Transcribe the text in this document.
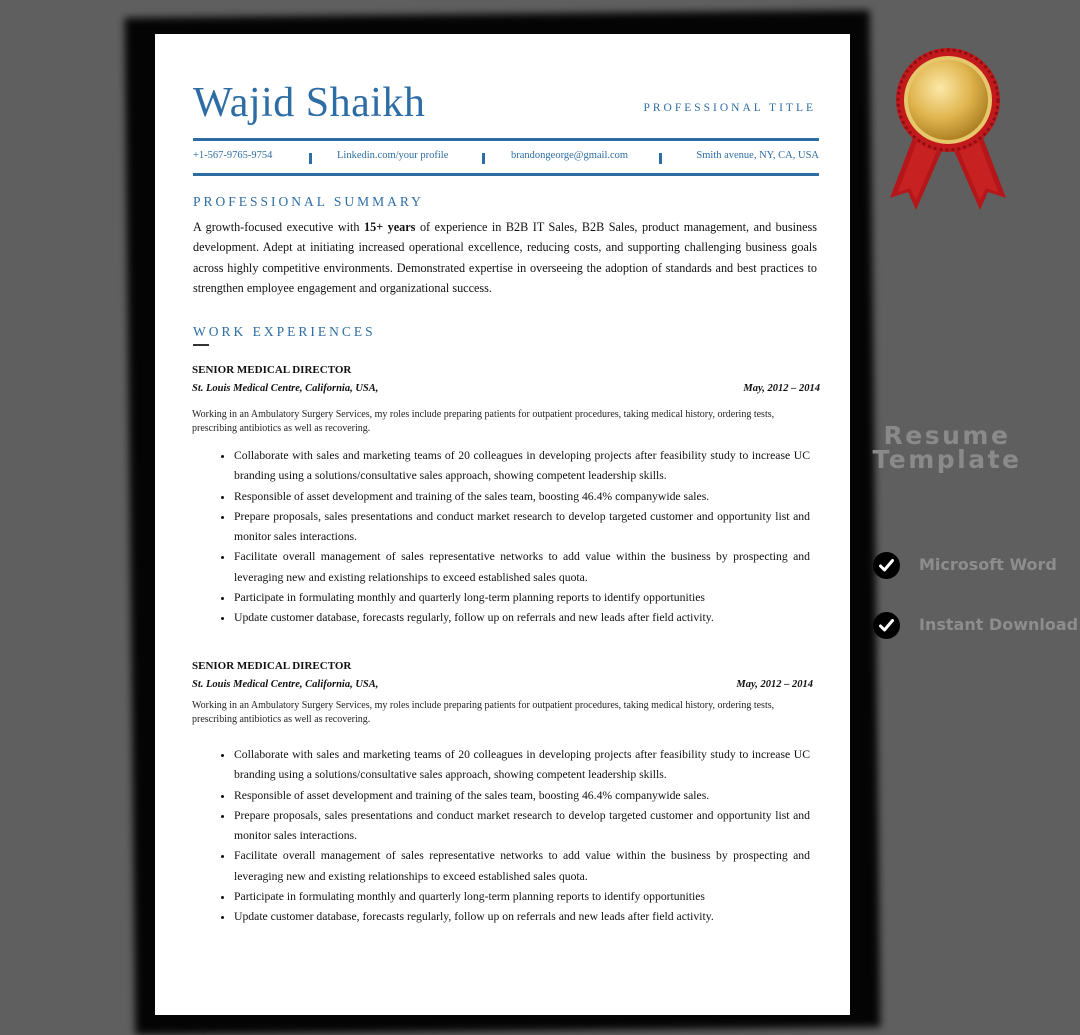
Wajid Shaikh	PROFESSIONAL TITLE
+1-567-9765-9754	Linkedin.com/your profile	brandongeorge@gmail.com	Smith avenue, NY, CA, USA
PROFESSIONAL SUMMARY
A growth-focused executive with 15+ years of experience in B2B IT Sales, B2B Sales, product management, and business development. Adept at initiating increased operational excellence, reducing costs, and supporting challenging business goals across highly competitive environments. Demonstrated expertise in overseeing the adoption of standards and best practices to strengthen employee engagement and organizational success.
WORK EXPERIENCES
SENIOR MEDICAL DIRECTOR
St. Louis Medical Centre, California, USA,	May, 2012 – 2014
Working in an Ambulatory Surgery Services, my roles include preparing patients for outpatient procedures, taking medical history, ordering tests, prescribing antibiotics as well as recovering.
• Collaborate with sales and marketing teams of 20 colleagues in developing projects after feasibility study to increase UC branding using a solutions/consultative sales approach, showing competent leadership skills.
• Responsible of asset development and training of the sales team, boosting 46.4% companywide sales.
• Prepare proposals, sales presentations and conduct market research to develop targeted customer and opportunity list and monitor sales interactions.
• Facilitate overall management of sales representative networks to add value within the business by prospecting and leveraging new and existing relationships to exceed established sales quota.
• Participate in formulating monthly and quarterly long-term planning reports to identify opportunities
• Update customer database, forecasts regularly, follow up on referrals and new leads after field activity.
SENIOR MEDICAL DIRECTOR
St. Louis Medical Centre, California, USA,	May, 2012 – 2014
Working in an Ambulatory Surgery Services, my roles include preparing patients for outpatient procedures, taking medical history, ordering tests, prescribing antibiotics as well as recovering.
• Collaborate with sales and marketing teams of 20 colleagues in developing projects after feasibility study to increase UC branding using a solutions/consultative sales approach, showing competent leadership skills.
• Responsible of asset development and training of the sales team, boosting 46.4% companywide sales.
• Prepare proposals, sales presentations and conduct market research to develop targeted customer and opportunity list and monitor sales interactions.
• Facilitate overall management of sales representative networks to add value within the business by prospecting and leveraging new and existing relationships to exceed established sales quota.
• Participate in formulating monthly and quarterly long-term planning reports to identify opportunities
• Update customer database, forecasts regularly, follow up on referrals and new leads after field activity.
Resume
Template
Microsoft Word
Instant Download
